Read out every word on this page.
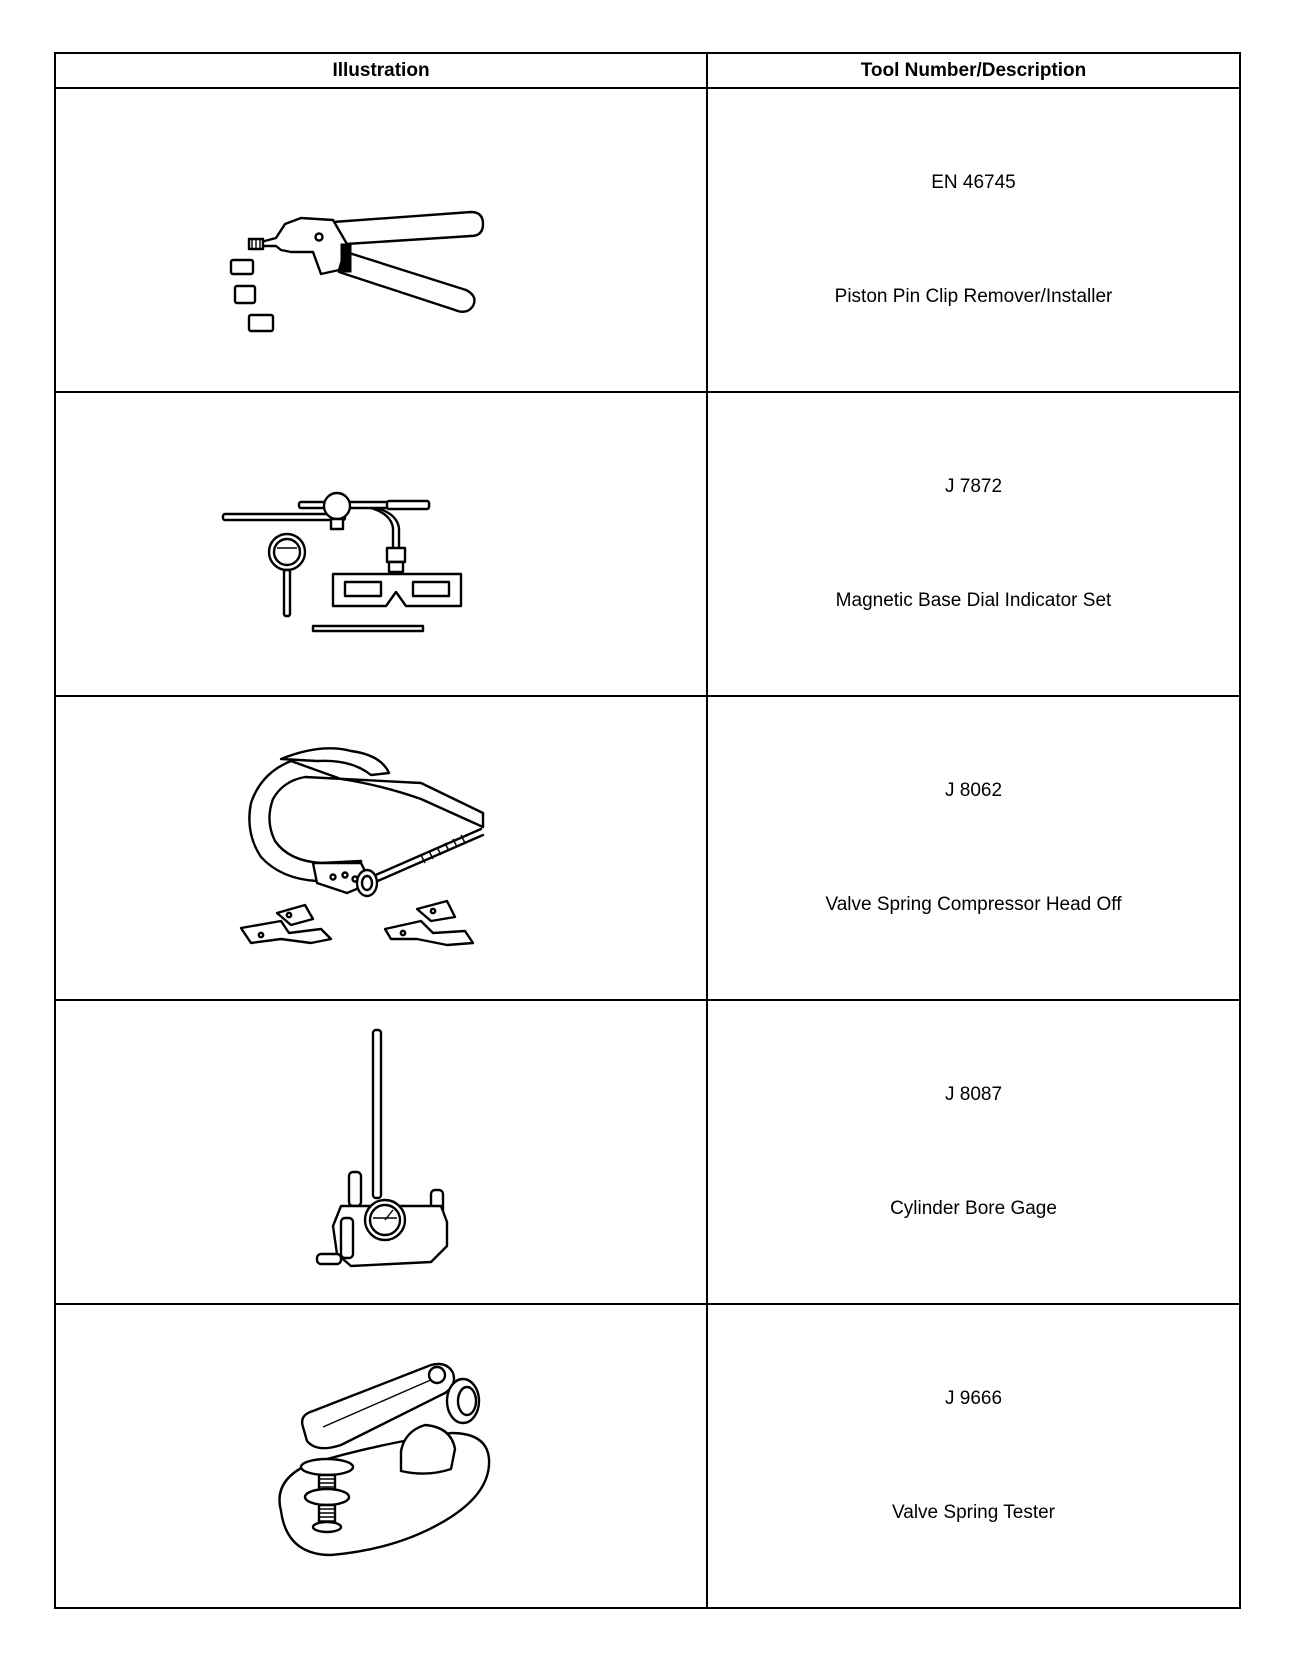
Illustration	Tool Number/Description

EN 46745
Piston Pin Clip Remover/Installer

J 7872
Magnetic Base Dial Indicator Set

J 8062
Valve Spring Compressor Head Off

J 8087
Cylinder Bore Gage

J 9666
Valve Spring Tester
